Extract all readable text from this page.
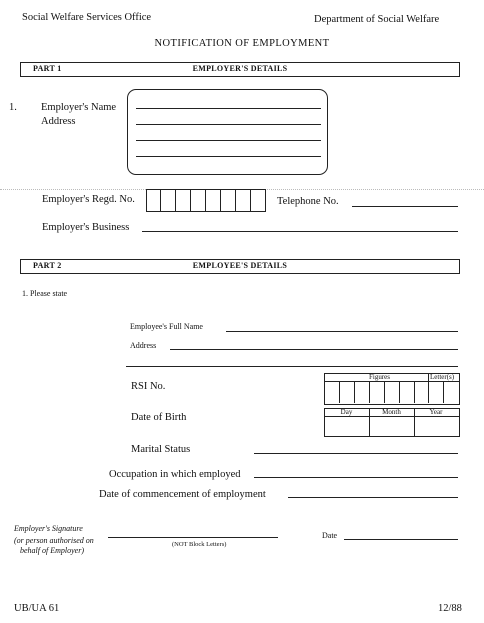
Social Welfare Services Office	Department of Social Welfare
NOTIFICATION OF EMPLOYMENT
PART 1	EMPLOYER'S DETAILS
1. Employer's Name
Address
Employer's Regd. No.	Telephone No.
Employer's Business
PART 2	EMPLOYEE'S DETAILS
1. Please state
Employee's Full Name
Address
RSI No.
Figures	Letter(s)
Date of Birth	Day	Month	Year
Marital Status
Occupation in which employed
Date of commencement of employment
Employer's Signature
(or person authorised on
behalf of Employer)
(NOT Block Letters)
Date
UB/UA 61	12/88
